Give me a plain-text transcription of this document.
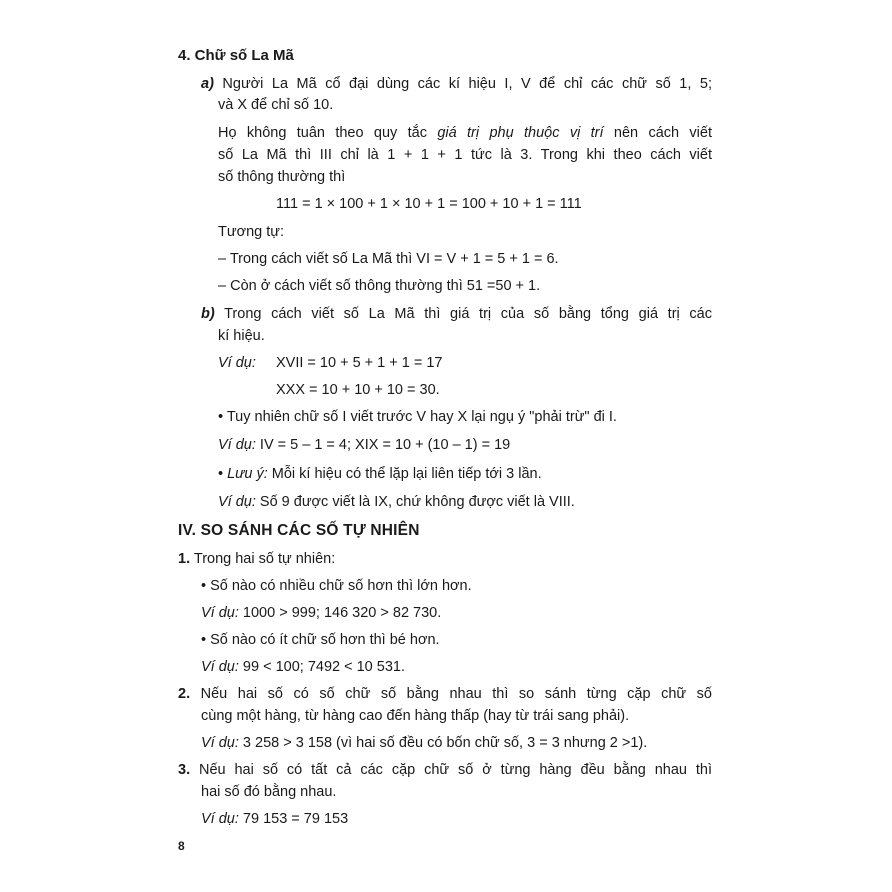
4. Chữ số La Mã
a) Người La Mã cổ đại dùng các kí hiệu I, V để chỉ các chữ số 1, 5;
và X để chỉ số 10.
Họ không tuân theo quy tắc giá trị phụ thuộc vị trí nên cách viết
số La Mã thì III chỉ là 1 + 1 + 1 tức là 3. Trong khi theo cách viết
số thông thường thì
111 = 1 × 100 + 1 × 10 + 1 = 100 + 10 + 1 = 111
Tương tự:
– Trong cách viết số La Mã thì VI = V + 1 = 5 + 1 = 6.
– Còn ở cách viết số thông thường thì 51 =50 + 1.
b) Trong cách viết số La Mã thì giá trị của số bằng tổng giá trị các
kí hiệu.
Ví dụ: XVII = 10 + 5 + 1 + 1 = 17
XXX = 10 + 10 + 10 = 30.
• Tuy nhiên chữ số I viết trước V hay X lại ngụ ý "phải trừ" đi I.
Ví dụ: IV = 5 – 1 = 4; XIX = 10 + (10 – 1) = 19
• Lưu ý: Mỗi kí hiệu có thể lặp lại liên tiếp tới 3 lần.
Ví dụ: Số 9 được viết là IX, chứ không được viết là VIII.
IV. SO SÁNH CÁC SỐ TỰ NHIÊN
1. Trong hai số tự nhiên:
• Số nào có nhiều chữ số hơn thì lớn hơn.
Ví dụ: 1000 > 999; 146 320 > 82 730.
• Số nào có ít chữ số hơn thì bé hơn.
Ví dụ: 99 < 100; 7492 < 10 531.
2. Nếu hai số có số chữ số bằng nhau thì so sánh từng cặp chữ số
cùng một hàng, từ hàng cao đến hàng thấp (hay từ trái sang phải).
Ví dụ: 3 258 > 3 158 (vì hai số đều có bốn chữ số, 3 = 3 nhưng 2 >1).
3. Nếu hai số có tất cả các cặp chữ số ở từng hàng đều bằng nhau thì
hai số đó bằng nhau.
Ví dụ: 79 153 = 79 153
8
